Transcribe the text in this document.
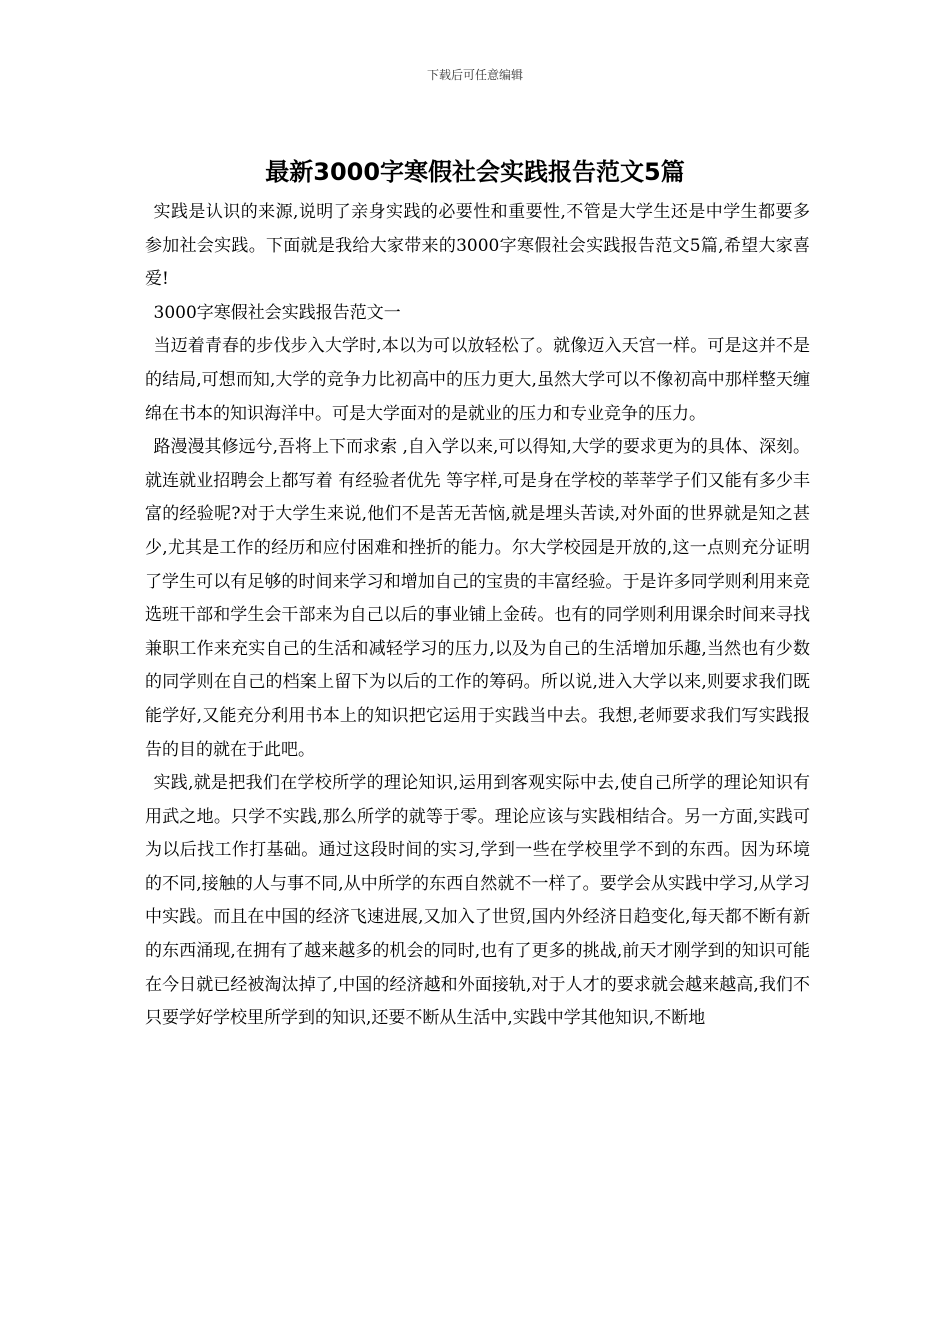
下载后可任意编辑
最新3000字寒假社会实践报告范文5篇

实践是认识的来源,说明了亲身实践的必要性和重要性,不管是大学生还是中学生都要多参加社会实践。下面就是我给大家带来的3000字寒假社会实践报告范文5篇,希望大家喜爱!

3000字寒假社会实践报告范文一

当迈着青春的步伐步入大学时,本以为可以放轻松了。就像迈入天宫一样。可是这并不是的结局,可想而知,大学的竞争力比初高中的压力更大,虽然大学可以不像初高中那样整天缠绵在书本的知识海洋中。可是大学面对的是就业的压力和专业竞争的压力。

路漫漫其修远兮,吾将上下而求索 ,自入学以来,可以得知,大学的要求更为的具体、深刻。就连就业招聘会上都写着 有经验者优先 等字样,可是身在学校的莘莘学子们又能有多少丰富的经验呢?对于大学生来说,他们不是苦无苦恼,就是埋头苦读,对外面的世界就是知之甚少,尤其是工作的经历和应付困难和挫折的能力。尔大学校园是开放的,这一点则充分证明了学生可以有足够的时间来学习和增加自己的宝贵的丰富经验。于是许多同学则利用来竞选班干部和学生会干部来为自己以后的事业铺上金砖。也有的同学则利用课余时间来寻找兼职工作来充实自己的生活和减轻学习的压力,以及为自己的生活增加乐趣,当然也有少数的同学则在自己的档案上留下为以后的工作的筹码。所以说,进入大学以来,则要求我们既能学好,又能充分利用书本上的知识把它运用于实践当中去。我想,老师要求我们写实践报告的目的就在于此吧。

实践,就是把我们在学校所学的理论知识,运用到客观实际中去,使自己所学的理论知识有用武之地。只学不实践,那么所学的就等于零。理论应该与实践相结合。另一方面,实践可为以后找工作打基础。通过这段时间的实习,学到一些在学校里学不到的东西。因为环境的不同,接触的人与事不同,从中所学的东西自然就不一样了。要学会从实践中学习,从学习中实践。而且在中国的经济飞速进展,又加入了世贸,国内外经济日趋变化,每天都不断有新的东西涌现,在拥有了越来越多的机会的同时,也有了更多的挑战,前天才刚学到的知识可能在今日就已经被淘汰掉了,中国的经济越和外面接轨,对于人才的要求就会越来越高,我们不只要学好学校里所学到的知识,还要不断从生活中,实践中学其他知识,不断地
